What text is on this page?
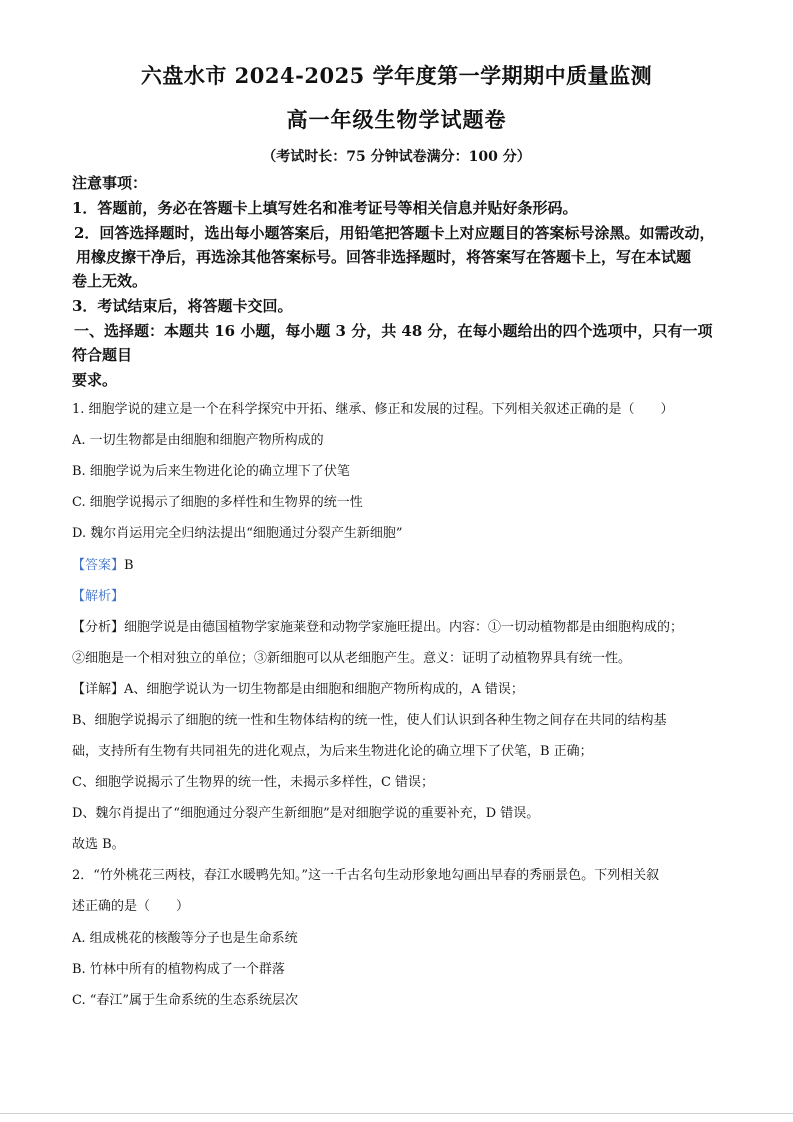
六盘水市 2024-2025 学年度第一学期期中质量监测
高一年级生物学试题卷
（考试时长：75 分钟试卷满分：100 分）
注意事项：
1．答题前，务必在答题卡上填写姓名和准考证号等相关信息并贴好条形码。
2．回答选择题时，选出每小题答案后，用铅笔把答题卡上对应题目的答案标号涂黑。如需改动，
用橡皮擦干净后，再选涂其他答案标号。回答非选择题时，将答案写在答题卡上，写在本试题
卷上无效。
3．考试结束后，将答题卡交回。
一、选择题：本题共 16 小题，每小题 3 分，共 48 分，在每小题给出的四个选项中，只有一项
符合题目
要求。
1. 细胞学说的建立是一个在科学探究中开拓、继承、修正和发展的过程。下列相关叙述正确的是（　　）
A. 一切生物都是由细胞和细胞产物所构成的
B. 细胞学说为后来生物进化论的确立埋下了伏笔
C. 细胞学说揭示了细胞的多样性和生物界的统一性
D. 魏尔肖运用完全归纳法提出“细胞通过分裂产生新细胞”
【答案】B
【解析】
【分析】细胞学说是由德国植物学家施莱登和动物学家施旺提出。内容：①一切动植物都是由细胞构成的；
②细胞是一个相对独立的单位；③新细胞可以从老细胞产生。意义：证明了动植物界具有统一性。
【详解】A、细胞学说认为一切生物都是由细胞和细胞产物所构成的，A 错误；
B、细胞学说揭示了细胞的统一性和生物体结构的统一性，使人们认识到各种生物之间存在共同的结构基
础，支持所有生物有共同祖先的进化观点，为后来生物进化论的确立埋下了伏笔，B 正确；
C、细胞学说揭示了生物界的统一性，未揭示多样性，C 错误；
D、魏尔肖提出了“细胞通过分裂产生新细胞”是对细胞学说的重要补充，D 错误。
故选 B。
2．“竹外桃花三两枝，春江水暖鸭先知。”这一千古名句生动形象地勾画出早春的秀丽景色。下列相关叙
述正确的是（　　）
A. 组成桃花的核酸等分子也是生命系统
B. 竹林中所有的植物构成了一个群落
C. “春江”属于生命系统的生态系统层次
